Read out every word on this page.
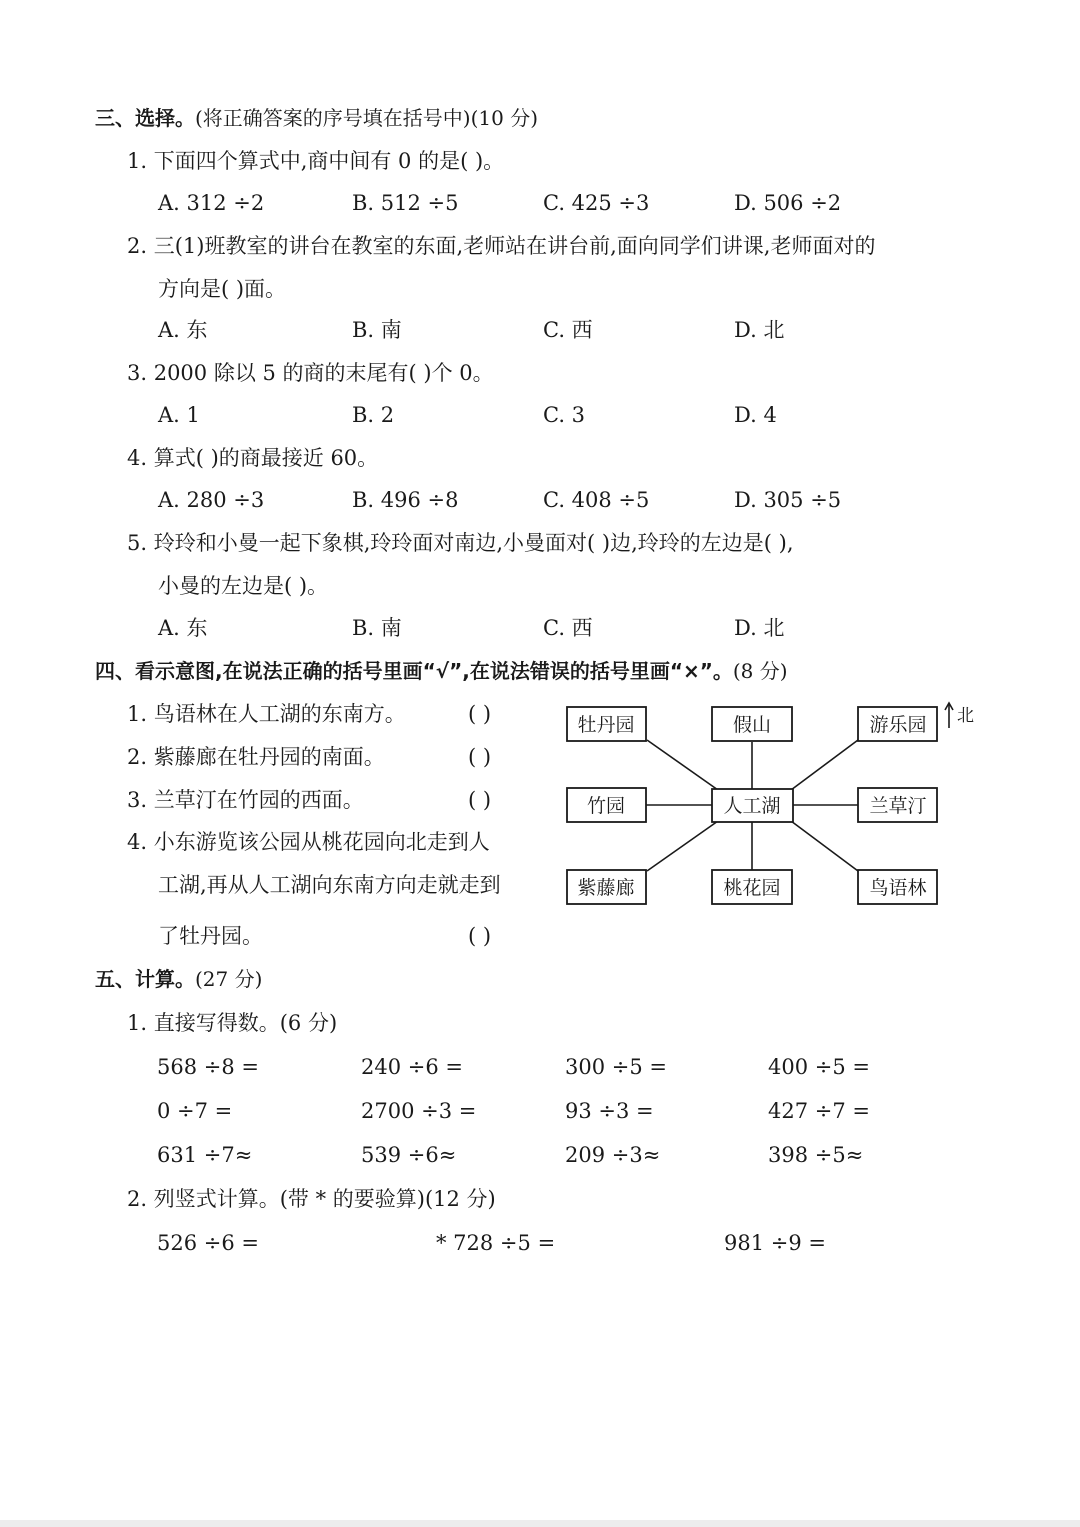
三、选择。(将正确答案的序号填在括号中)(10 分)
1. 下面四个算式中,商中间有 0 的是( )。
A. 312 ÷2	B. 512 ÷5	C. 425 ÷3	D. 506 ÷2
2. 三(1)班教室的讲台在教室的东面,老师站在讲台前,面向同学们讲课,老师面对的
方向是( )面。
A. 东	B. 南	C. 西	D. 北
3. 2000 除以 5 的商的末尾有( )个 0。
A. 1	B. 2	C. 3	D. 4
4. 算式( )的商最接近 60。
A. 280 ÷3	B. 496 ÷8	C. 408 ÷5	D. 305 ÷5
5. 玲玲和小曼一起下象棋,玲玲面对南边,小曼面对( )边,玲玲的左边是( ),
小曼的左边是( )。
A. 东	B. 南	C. 西	D. 北
四、看示意图,在说法正确的括号里画“√”,在说法错误的括号里画“×”。(8 分)
1. 鸟语林在人工湖的东南方。	( )
2. 紫藤廊在牡丹园的南面。	( )
3. 兰草汀在竹园的西面。	( )
4. 小东游览该公园从桃花园向北走到人
工湖,再从人工湖向东南方向走就走到
了牡丹园。	( )
牡丹园	假山	游乐园
竹园	人工湖	兰草汀
紫藤廊	桃花园	鸟语林
北
五、计算。(27 分)
1. 直接写得数。(6 分)
568 ÷8 =	240 ÷6 =	300 ÷5 =	400 ÷5 =
0 ÷7 =	2700 ÷3 =	93 ÷3 =	427 ÷7 =
631 ÷7≈	539 ÷6≈	209 ÷3≈	398 ÷5≈
2. 列竖式计算。(带 * 的要验算)(12 分)
526 ÷6 =	* 728 ÷5 =	981 ÷9 =
